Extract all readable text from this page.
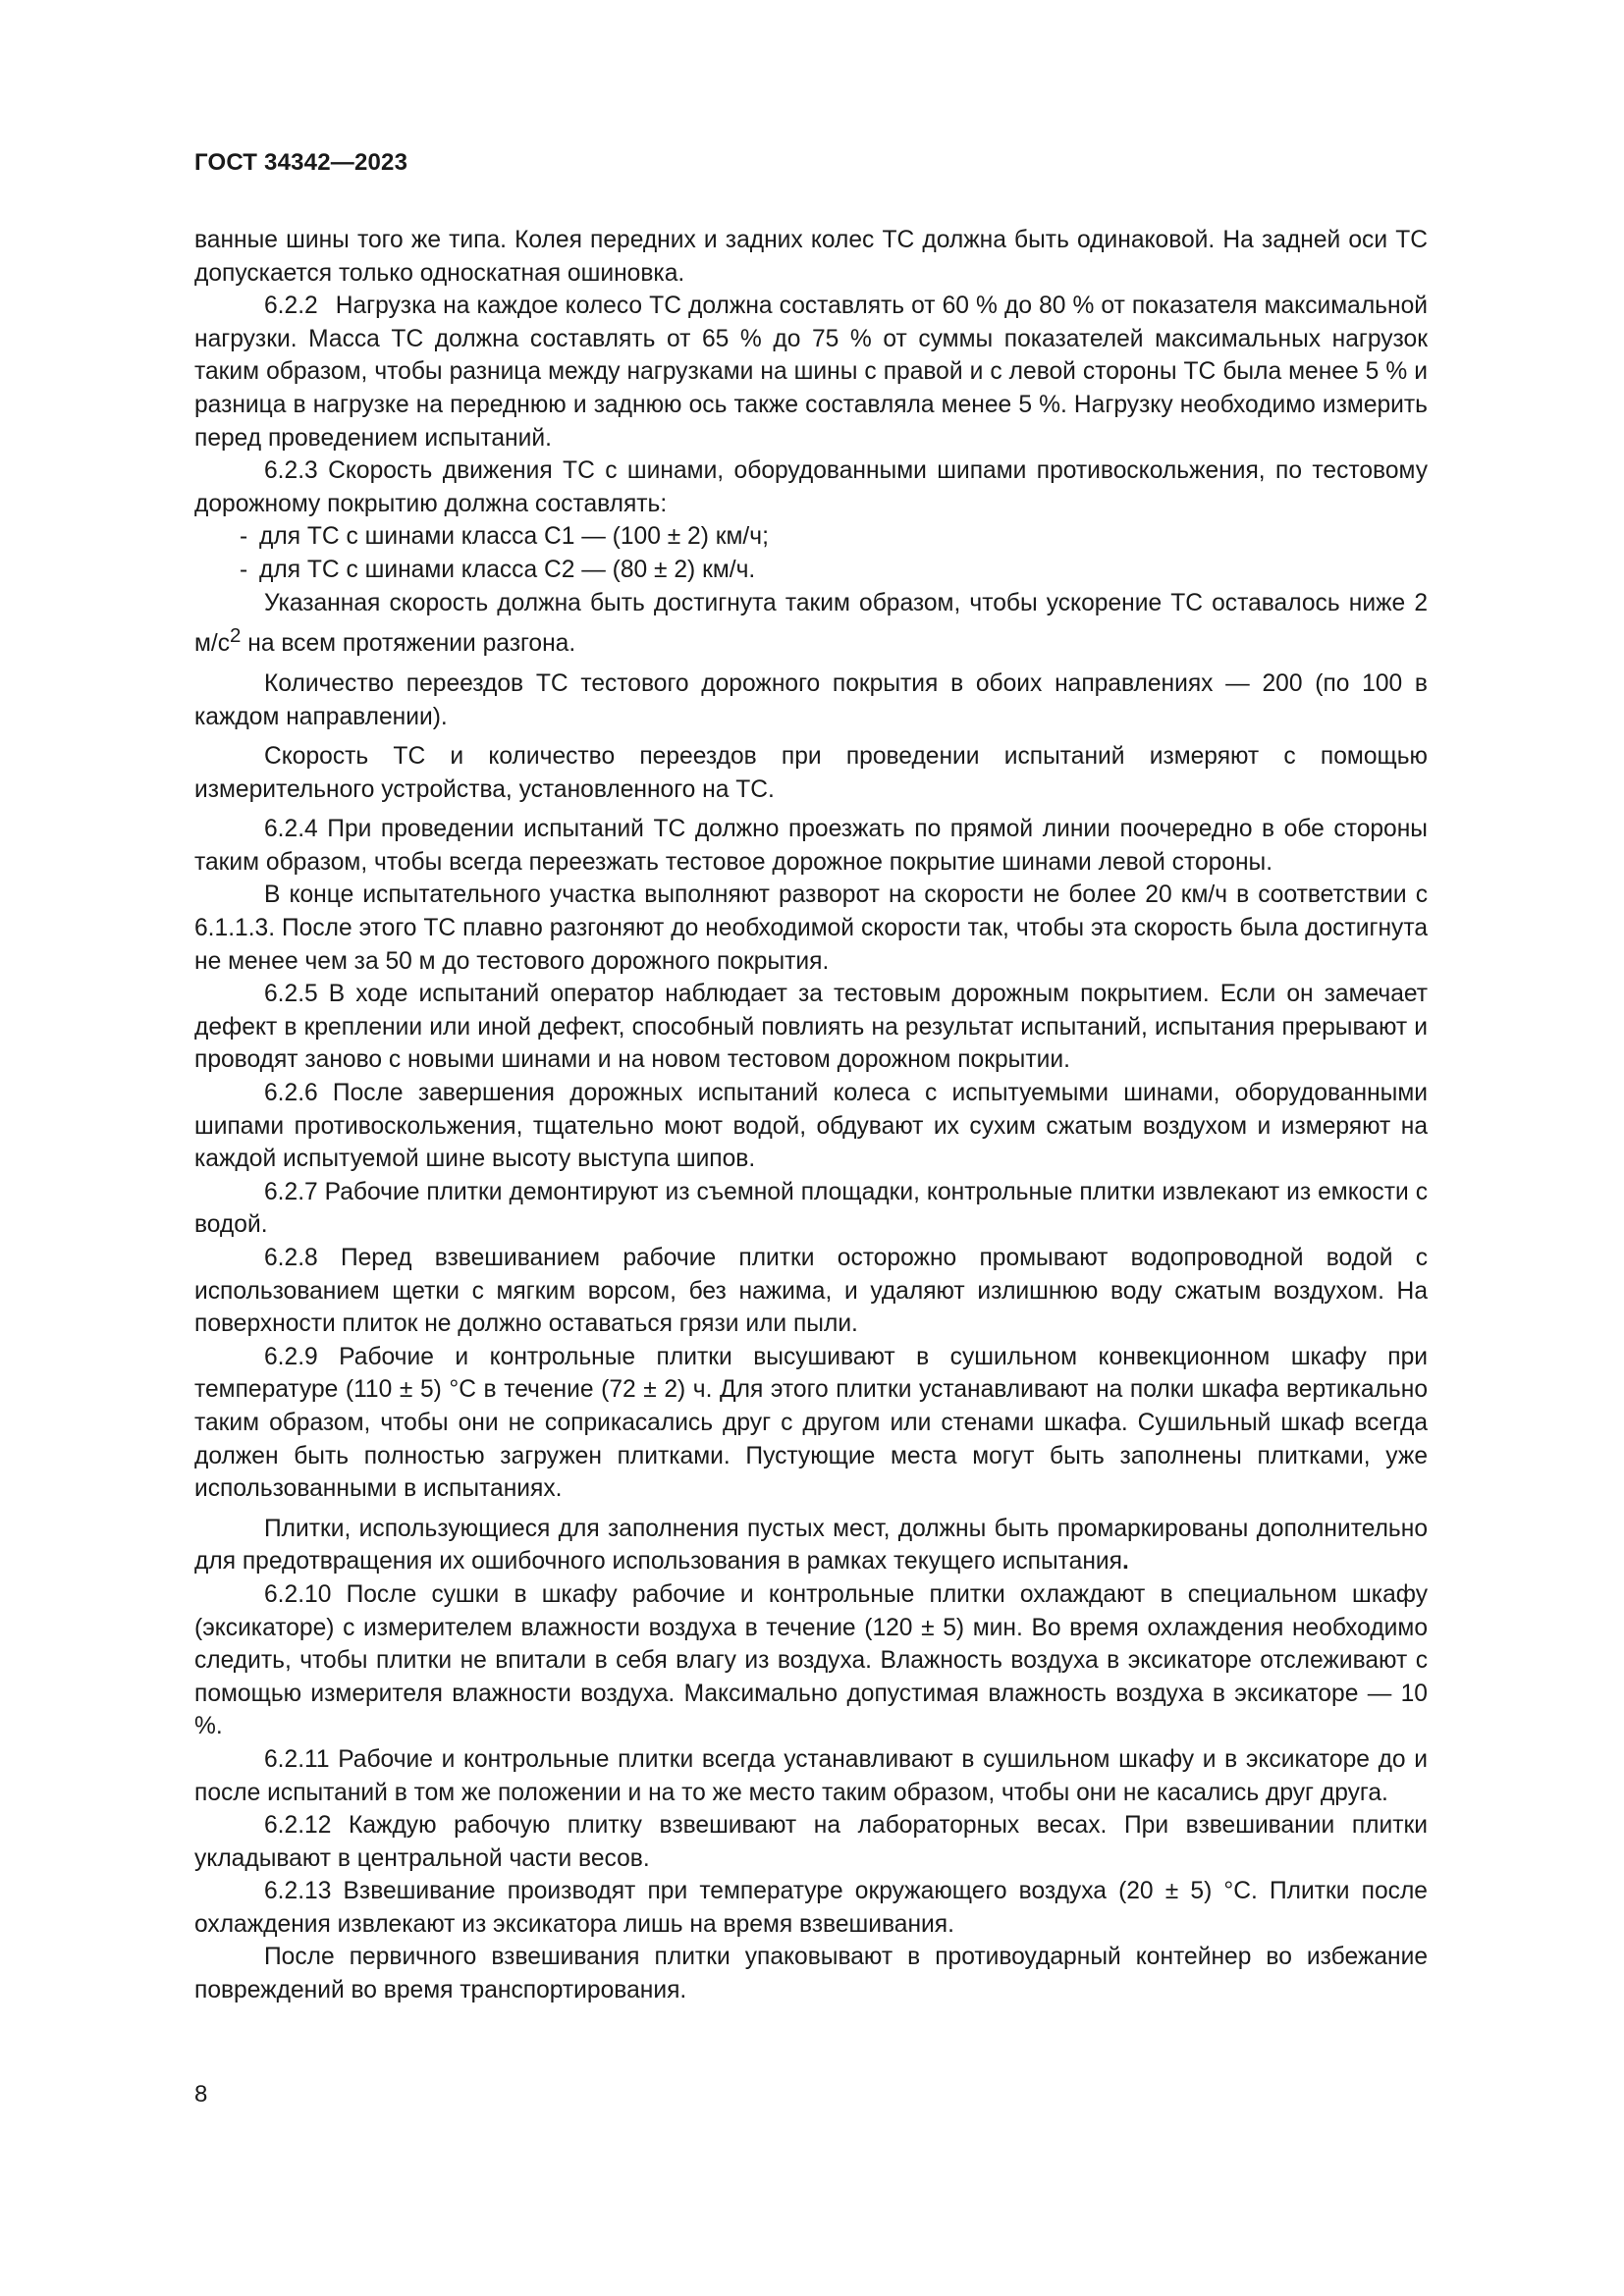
ГОСТ 34342—2023

ванные шины того же типа. Колея передних и задних колес ТС должна быть одинаковой. На задней оси ТС допускается только односкатная ошиновка.

6.2.2 Нагрузка на каждое колесо ТС должна составлять от 60 % до 80 % от показателя максимальной нагрузки. Масса ТС должна составлять от 65 % до 75 % от суммы показателей максимальных нагрузок таким образом, чтобы разница между нагрузками на шины с правой и с левой стороны ТС была менее 5 % и разница в нагрузке на переднюю и заднюю ось также составляла менее 5 %. Нагрузку необходимо измерить перед проведением испытаний.

6.2.3 Скорость движения ТС с шинами, оборудованными шипами противоскольжения, по тестовому дорожному покрытию должна составлять:

- для ТС с шинами класса С1 — (100 ± 2) км/ч;

- для ТС с шинами класса С2 — (80 ± 2) км/ч.

Указанная скорость должна быть достигнута таким образом, чтобы ускорение ТС оставалось ниже 2 $м/с^2$ на всем протяжении разгона.

Количество переездов ТС тестового дорожного покрытия в обоих направлениях — 200 (по 100 в каждом направлении).

Скорость ТС и количество переездов при проведении испытаний измеряют с помощью измерительного устройства, установленного на ТС.

6.2.4 При проведении испытаний ТС должно проезжать по прямой линии поочередно в обе стороны таким образом, чтобы всегда переезжать тестовое дорожное покрытие шинами левой стороны.

В конце испытательного участка выполняют разворот на скорости не более 20 км/ч в соответствии с 6.1.1.3. После этого ТС плавно разгоняют до необходимой скорости так, чтобы эта скорость была достигнута не менее чем за 50 м до тестового дорожного покрытия.

6.2.5 В ходе испытаний оператор наблюдает за тестовым дорожным покрытием. Если он замечает дефект в креплении или иной дефект, способный повлиять на результат испытаний, испытания прерывают и проводят заново с новыми шинами и на новом тестовом дорожном покрытии.

6.2.6 После завершения дорожных испытаний колеса с испытуемыми шинами, оборудованными шипами противоскольжения, тщательно моют водой, обдувают их сухим сжатым воздухом и измеряют на каждой испытуемой шине высоту выступа шипов.

6.2.7 Рабочие плитки демонтируют из съемной площадки, контрольные плитки извлекают из емкости с водой.

6.2.8 Перед взвешиванием рабочие плитки осторожно промывают водопроводной водой с использованием щетки с мягким ворсом, без нажима, и удаляют излишнюю воду сжатым воздухом. На поверхности плиток не должно оставаться грязи или пыли.

6.2.9 Рабочие и контрольные плитки высушивают в сушильном конвекционном шкафу при температуре (110 ± 5) °С в течение (72 ± 2) ч. Для этого плитки устанавливают на полки шкафа вертикально таким образом, чтобы они не соприкасались друг с другом или стенами шкафа. Сушильный шкаф всегда должен быть полностью загружен плитками. Пустующие места могут быть заполнены плитками, уже использованными в испытаниях.

Плитки, использующиеся для заполнения пустых мест, должны быть промаркированы дополнительно для предотвращения их ошибочного использования в рамках текущего испытания.

6.2.10 После сушки в шкафу рабочие и контрольные плитки охлаждают в специальном шкафу (эксикаторе) с измерителем влажности воздуха в течение (120 ± 5) мин. Во время охлаждения необходимо следить, чтобы плитки не впитали в себя влагу из воздуха. Влажность воздуха в эксикаторе отслеживают с помощью измерителя влажности воздуха. Максимально допустимая влажность воздуха в эксикаторе — 10 %.

6.2.11 Рабочие и контрольные плитки всегда устанавливают в сушильном шкафу и в эксикаторе до и после испытаний в том же положении и на то же место таким образом, чтобы они не касались друг друга.

6.2.12 Каждую рабочую плитку взвешивают на лабораторных весах. При взвешивании плитки укладывают в центральной части весов.

6.2.13 Взвешивание производят при температуре окружающего воздуха (20 ± 5) °С. Плитки после охлаждения извлекают из эксикатора лишь на время взвешивания.

После первичного взвешивания плитки упаковывают в противоударный контейнер во избежание повреждений во время транспортирования.

8
